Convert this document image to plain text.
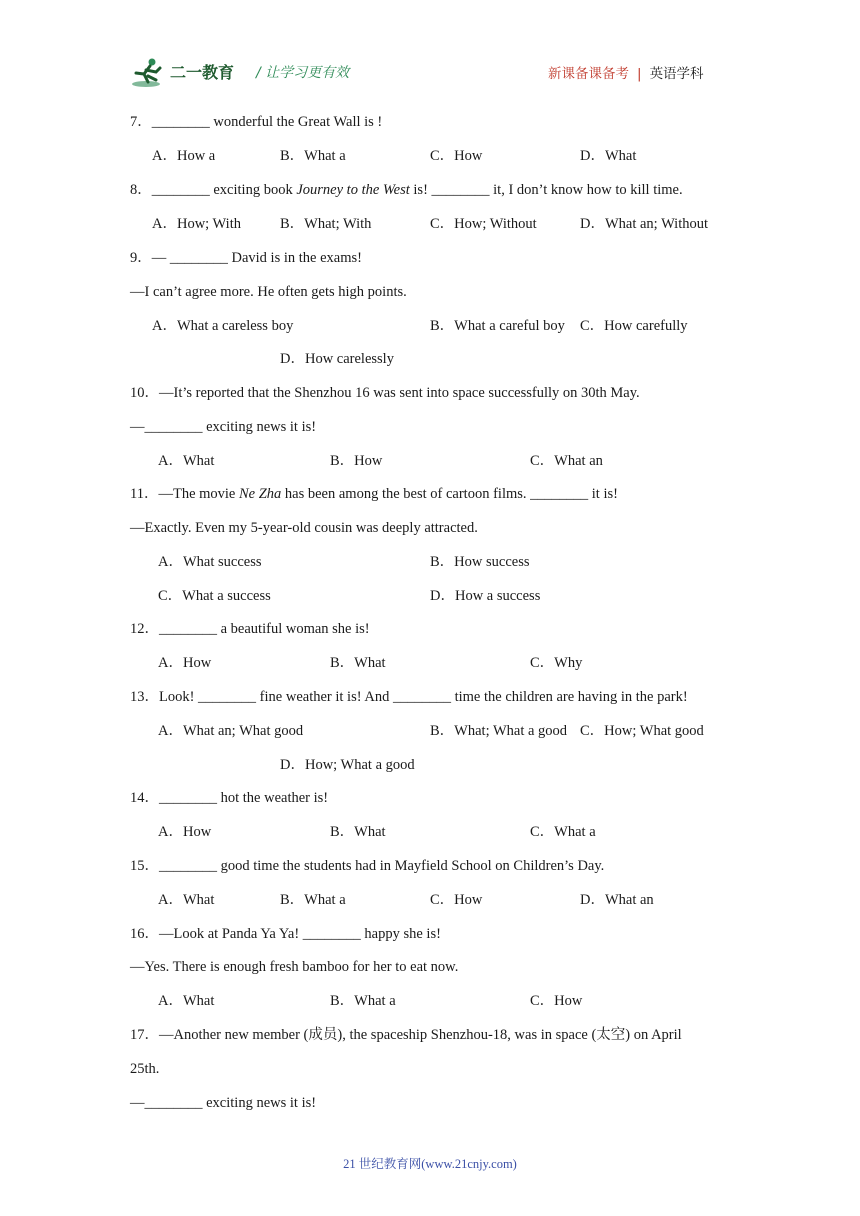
二一教育 / 让学习更有效	新课备课备考 | 英语学科
7．________ wonderful the Great Wall is !
A．How a	B．What a	C．How	D．What
8．________ exciting book Journey to the West is! ________ it, I don’t know how to kill time.
A．How; With	B．What; With	C．How; Without	D．What an; Without
9．— ________ David is in the exams!
—I can’t agree more. He often gets high points.
A．What a careless boy	B．What a careful boy C．How carefully
D．How carelessly
10．—It’s reported that the Shenzhou 16 was sent into space successfully on 30th May.
—________ exciting news it is!
A．What	B．How	C．What an
11．—The movie Ne Zha has been among the best of cartoon films. ________ it is!
—Exactly. Even my 5-year-old cousin was deeply attracted.
A．What success	B．How success
C．What a success	D．How a success
12．________ a beautiful woman she is!
A．How	B．What	C．Why
13．Look! ________ fine weather it is! And ________ time the children are having in the park!
A．What an; What good	B．What; What a good C．How; What good
D．How; What a good
14．________ hot the weather is!
A．How	B．What	C．What a
15．________ good time the students had in Mayfield School on Children’s Day.
A．What	B．What a	C．How	D．What an
16．—Look at Panda Ya Ya! ________ happy she is!
—Yes. There is enough fresh bamboo for her to eat now.
A．What	B．What a	C．How
17．—Another new member (成员), the spaceship Shenzhou-18, was in space (太空) on April
25th.
—________ exciting news it is!
21 世纪教育网(www.21cnjy.com)
